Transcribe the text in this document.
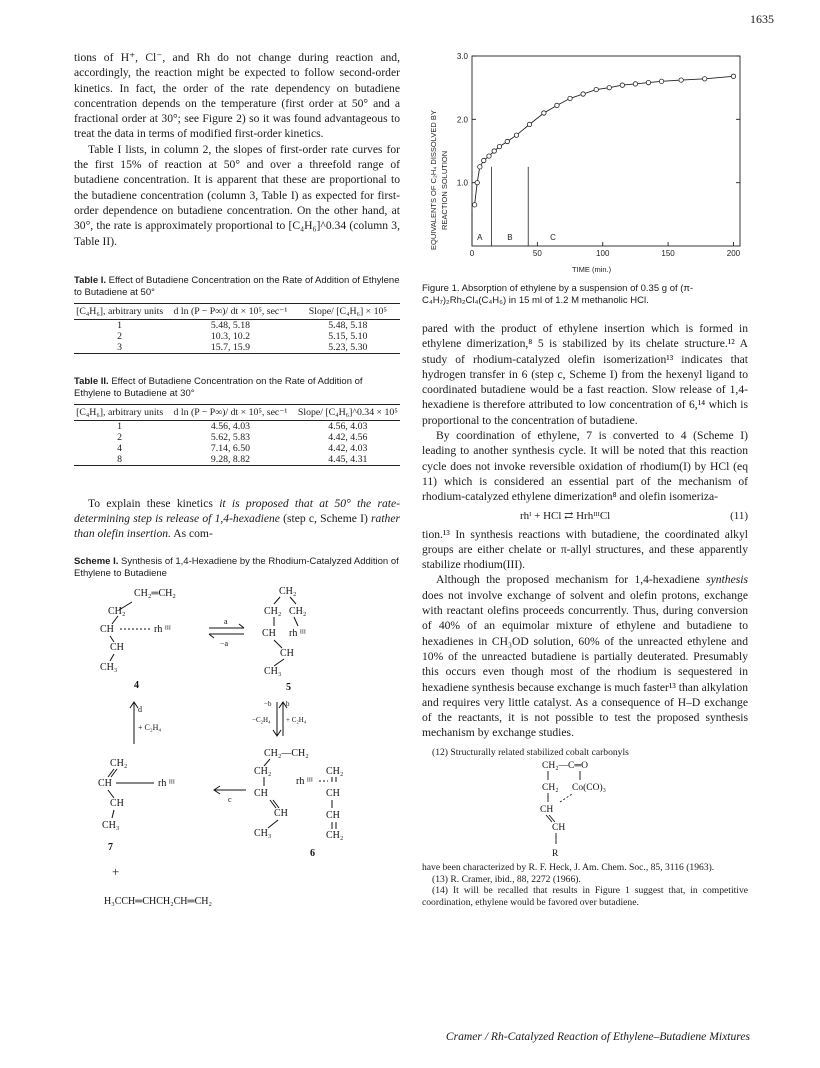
1635

tions of H⁺, Cl⁻, and Rh do not change during reaction and, accordingly, the reaction might be expected to follow second-order kinetics. In fact, the order of the rate dependency on butadiene concentration depends on the temperature (first order at 50° and a fractional order at 30°; see Figure 2) so it was found advantageous to treat the data in terms of modified first-order kinetics.

Table I lists, in column 2, the slopes of first-order rate curves for the first 15% of reaction at 50° and over a threefold range of butadiene concentration. It is apparent that these are proportional to the butadiene concentration (column 3, Table I) as expected for first-order dependence on butadiene concentration. On the other hand, at 30°, the rate is approximately proportional to [C₄H₆]^0.34 (column 3, Table II).

Table I. Effect of Butadiene Concentration on the Rate of Addition of Ethylene to Butadiene at 50°

[C₄H₆], arbitrary units	d ln (P − P∞)/ dt × 10⁵, sec⁻¹	Slope/ [C₄H₆] × 10⁵
1	5.48, 5.18	5.48, 5.18
2	10.3, 10.2	5.15, 5.10
3	15.7, 15.9	5.23, 5.30

Table II. Effect of Butadiene Concentration on the Rate of Addition of Ethylene to Butadiene at 30°

[C₄H₆], arbitrary units	d ln (P − P∞)/ dt × 10⁵, sec⁻¹	Slope/ [C₄H₆]^0.34 × 10⁵
1	4.56, 4.03	4.56, 4.03
2	5.62, 5.83	4.42, 4.56
4	7.14, 6.50	4.42, 4.03
8	9.28, 8.82	4.45, 4.31

To explain these kinetics it is proposed that at 50° the rate-determining step is release of 1,4-hexadiene (step c, Scheme I) rather than olefin insertion. As com-

Scheme I. Synthesis of 1,4-Hexadiene by the Rhodium-Catalyzed Addition of Ethylene to Butadiene

CH₂═CH₂
CH₂
CH	rh ᴵᴵᴵ
CH
CH₃
4
a
−a
CH₂
CH₂ CH₂
CH rh ᴵᴵᴵ
CH
CH₃
5
d
+ C₂H₄
−b b
−C₂H₄ + C₂H₄
CH₂—CH₂
CH₂	CH₂
rh ᴵᴵᴵ
CH	CH
CH	CH
CH₃	CH₂
6
c
CH₂
CH	rh ᴵᴵᴵ
CH
CH₃
7
+
H₃CCH═CHCH₂CH═CH₂
1.0
2.0
3.0
0	50	100	150	200
A	B	C
EQUIVALENTS OF C₂H₄ DISSOLVED BY REACTION SOLUTION
TIME (min.)

Figure 1. Absorption of ethylene by a suspension of 0.35 g of (π-C₄H₇)₂Rh₂Cl₄(C₄H₆) in 15 ml of 1.2 M methanolic HCl.

pared with the product of ethylene insertion which is formed in ethylene dimerization,⁸ 5 is stabilized by its chelate structure.¹² A study of rhodium-catalyzed olefin isomerization¹³ indicates that hydrogen transfer in 6 (step c, Scheme I) from the hexenyl ligand to coordinated butadiene would be a fast reaction. Slow release of 1,4-hexadiene is therefore attributed to low concentration of 6,¹⁴ which is proportional to the concentration of butadiene.

By coordination of ethylene, 7 is converted to 4 (Scheme I) leading to another synthesis cycle. It will be noted that this reaction cycle does not invoke reversible oxidation of rhodium(I) by HCl (eq 11) which is considered an essential part of the mechanism of rhodium-catalyzed ethylene dimerization⁸ and olefin isomeriza-

rhᴵ + HCl ⇄ HrhᴵᴵᴵCl	(11)

tion.¹³ In synthesis reactions with butadiene, the coordinated alkyl groups are either chelate or π-allyl structures, and these apparently stabilize rhodium(III).

Although the proposed mechanism for 1,4-hexadiene synthesis does not involve exchange of solvent and olefin protons, exchange with reactant olefins proceeds concurrently. Thus, during conversion of 40% of an equimolar mixture of ethylene and butadiene to hexadienes in CH₃OD solution, 60% of the unreacted ethylene and 10% of the unreacted butadiene is partially deuterated. Presumably this occurs even though most of the rhodium is sequestered in hexadiene synthesis because exchange is much faster¹³ than alkylation and requires very little catalyst. As a consequence of H–D exchange of the reactants, it is not possible to test the proposed synthesis mechanism by exchange studies.

(12) Structurally related stabilized cobalt carbonyls

CH₂—C═O
CH₂ Co(CO)₃
CH
CH
R

have been characterized by R. F. Heck, J. Am. Chem. Soc., 85, 3116 (1963).

(13) R. Cramer, ibid., 88, 2272 (1966).

(14) It will be recalled that results in Figure 1 suggest that, in competitive coordination, ethylene would be favored over butadiene.

Cramer / Rh-Catalyzed Reaction of Ethylene–Butadiene Mixtures
